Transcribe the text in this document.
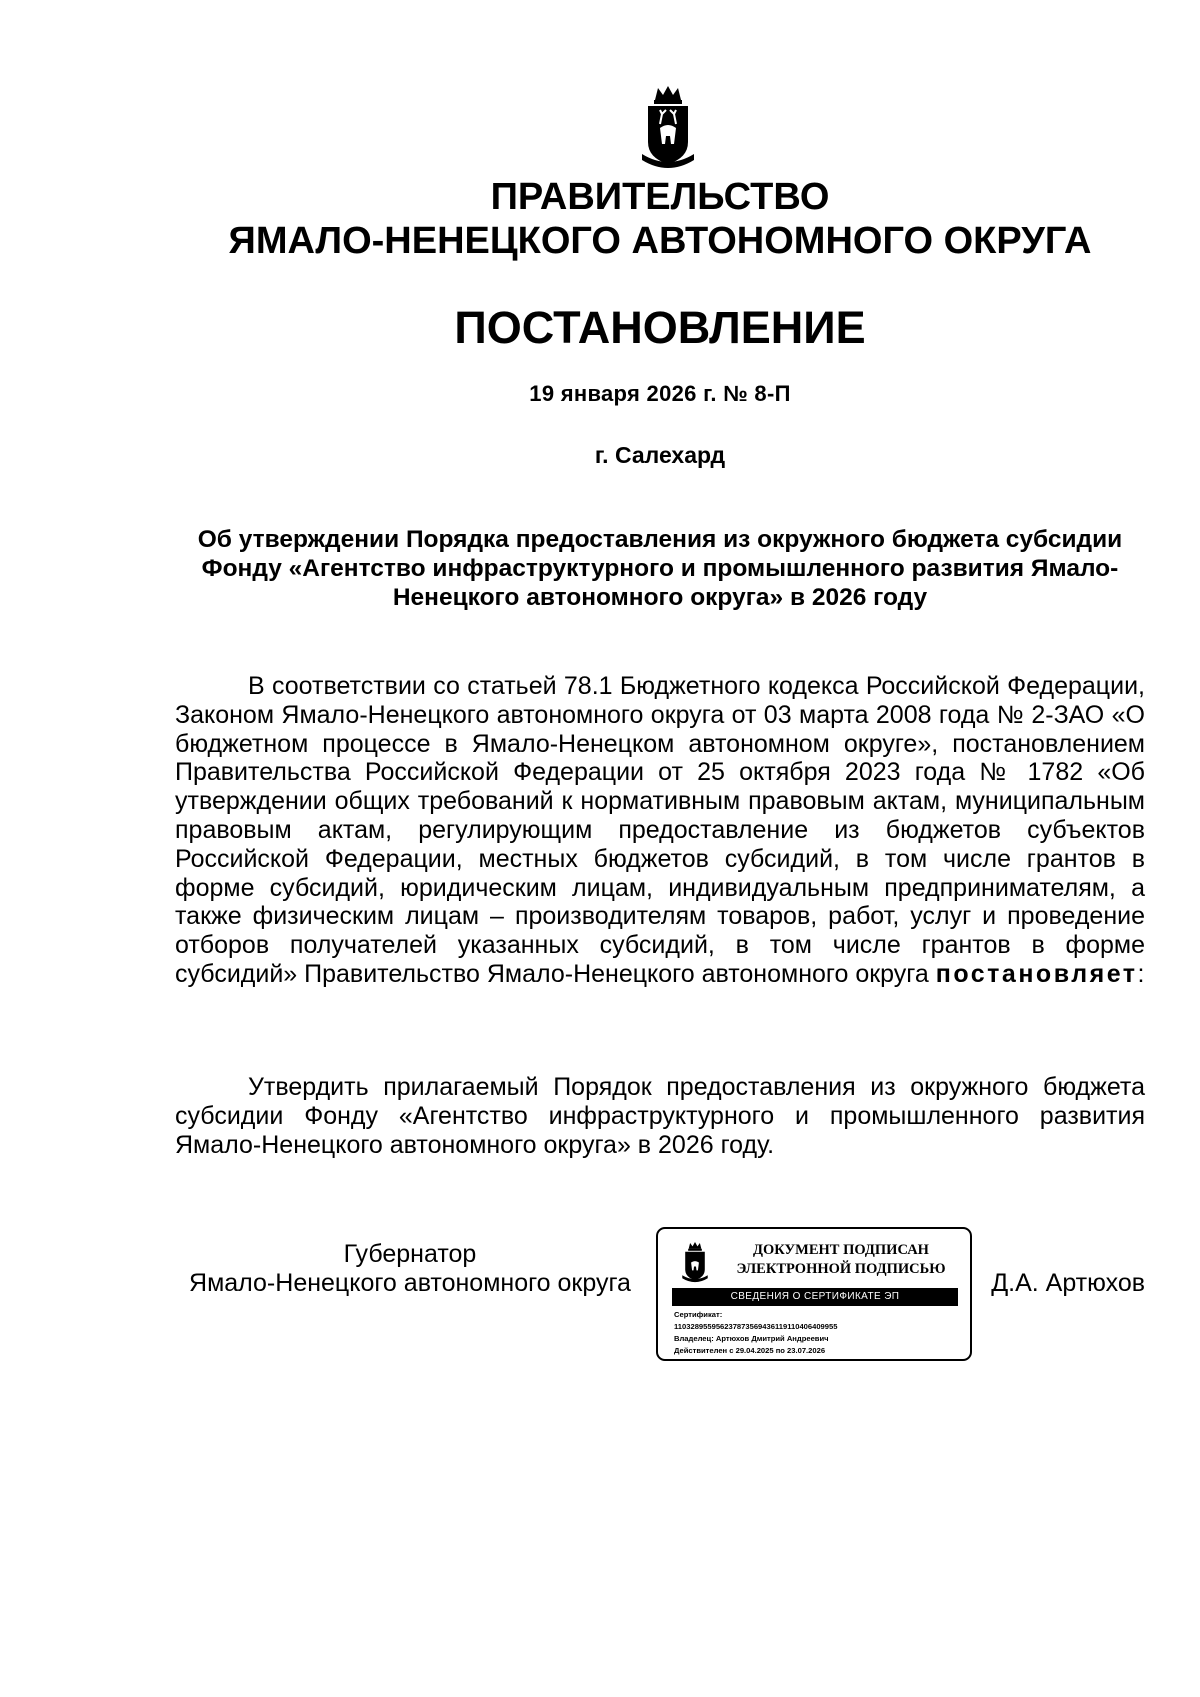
ПРАВИТЕЛЬСТВО
ЯМАЛО-НЕНЕЦКОГО АВТОНОМНОГО ОКРУГА
ПОСТАНОВЛЕНИЕ
19 января 2026 г. № 8-П
г. Салехард
Об утверждении Порядка предоставления из окружного бюджета субсидии Фонду «Агентство инфраструктурного и промышленного развития Ямало-Ненецкого автономного округа» в 2026 году
В соответствии со статьей 78.1 Бюджетного кодекса Российской Федерации, Законом Ямало-Ненецкого автономного округа от 03 марта 2008 года № 2-ЗАО «О бюджетном процессе в Ямало-Ненецком автономном округе», постановлением Правительства Российской Федерации от 25 октября 2023 года № 1782 «Об утверждении общих требований к нормативным правовым актам, муниципальным правовым актам, регулирующим предоставление из бюджетов субъектов Российской Федерации, местных бюджетов субсидий, в том числе грантов в форме субсидий, юридическим лицам, индивидуальным предпринимателям, а также физическим лицам – производителям товаров, работ, услуг и проведение отборов получателей указанных субсидий, в том числе грантов в форме субсидий» Правительство Ямало-Ненецкого автономного округа постановляет:
Утвердить прилагаемый Порядок предоставления из окружного бюджета субсидии Фонду «Агентство инфраструктурного и промышленного развития Ямало-Ненецкого автономного округа» в 2026 году.
Губернатор
Ямало-Ненецкого автономного округа
ДОКУМЕНТ ПОДПИСАН
ЭЛЕКТРОННОЙ ПОДПИСЬЮ
СВЕДЕНИЯ О СЕРТИФИКАТЕ ЭП
Сертификат:
110328955956237873569436119110406409955
Владелец: Артюхов Дмитрий Андреевич
Действителен с 29.04.2025 по 23.07.2026
Д.А. Артюхов
